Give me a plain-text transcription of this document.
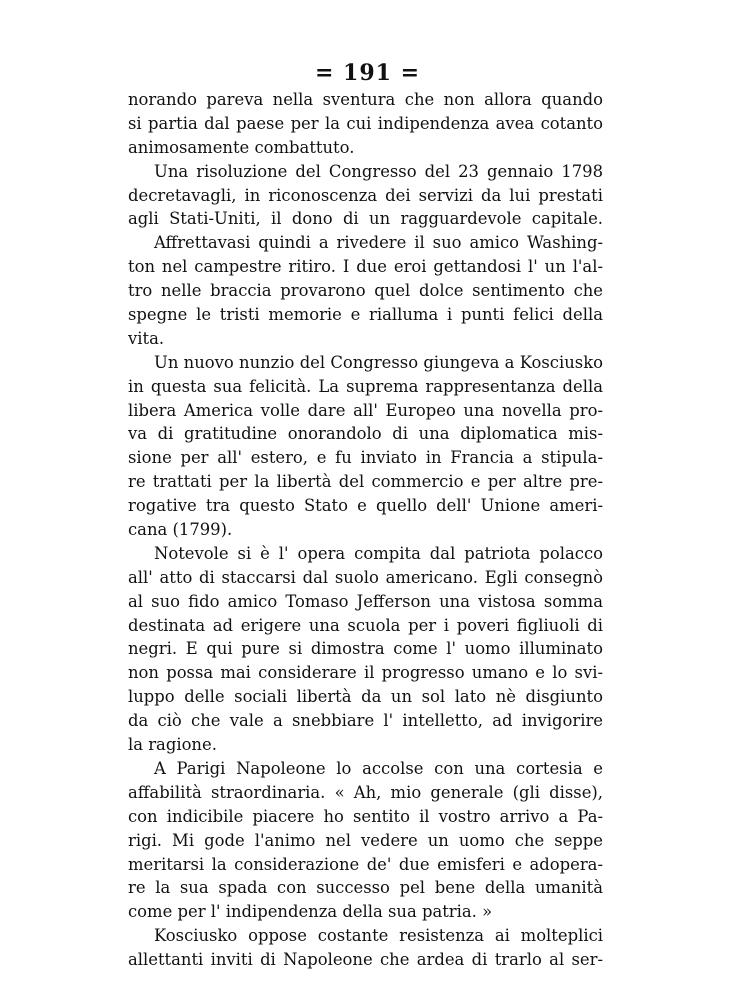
= 191 =
norando pareva nella sventura che non allora quando
si partia dal paese per la cui indipendenza avea cotanto
animosamente combattuto.
Una risoluzione del Congresso del 23 gennaio 1798
decretavagli, in riconoscenza dei servizi da lui prestati
agli Stati-Uniti, il dono di un ragguardevole capitale.
Affrettavasi quindi a rivedere il suo amico Washing-
ton nel campestre ritiro. I due eroi gettandosi l' un l'al-
tro nelle braccia provarono quel dolce sentimento che
spegne le tristi memorie e rialluma i punti felici della
vita.
Un nuovo nunzio del Congresso giungeva a Kosciusko
in questa sua felicità. La suprema rappresentanza della
libera America volle dare all' Europeo una novella pro-
va di gratitudine onorandolo di una diplomatica mis-
sione per all' estero, e fu inviato in Francia a stipula-
re trattati per la libertà del commercio e per altre pre-
rogative tra questo Stato e quello dell' Unione ameri-
cana (1799).
Notevole si è l' opera compita dal patriota polacco
all' atto di staccarsi dal suolo americano. Egli consegnò
al suo fido amico Tomaso Jefferson una vistosa somma
destinata ad erigere una scuola per i poveri figliuoli di
negri. E qui pure si dimostra come l' uomo illuminato
non possa mai considerare il progresso umano e lo svi-
luppo delle sociali libertà da un sol lato nè disgiunto
da ciò che vale a snebbiare l' intelletto, ad invigorire
la ragione.
A Parigi Napoleone lo accolse con una cortesia e
affabilità straordinaria. « Ah, mio generale (gli disse),
con indicibile piacere ho sentito il vostro arrivo a Pa-
rigi. Mi gode l'animo nel vedere un uomo che seppe
meritarsi la considerazione de' due emisferi e adopera-
re la sua spada con successo pel bene della umanità
come per l' indipendenza della sua patria. »
Kosciusko oppose costante resistenza ai molteplici
allettanti inviti di Napoleone che ardea di trarlo al ser-
